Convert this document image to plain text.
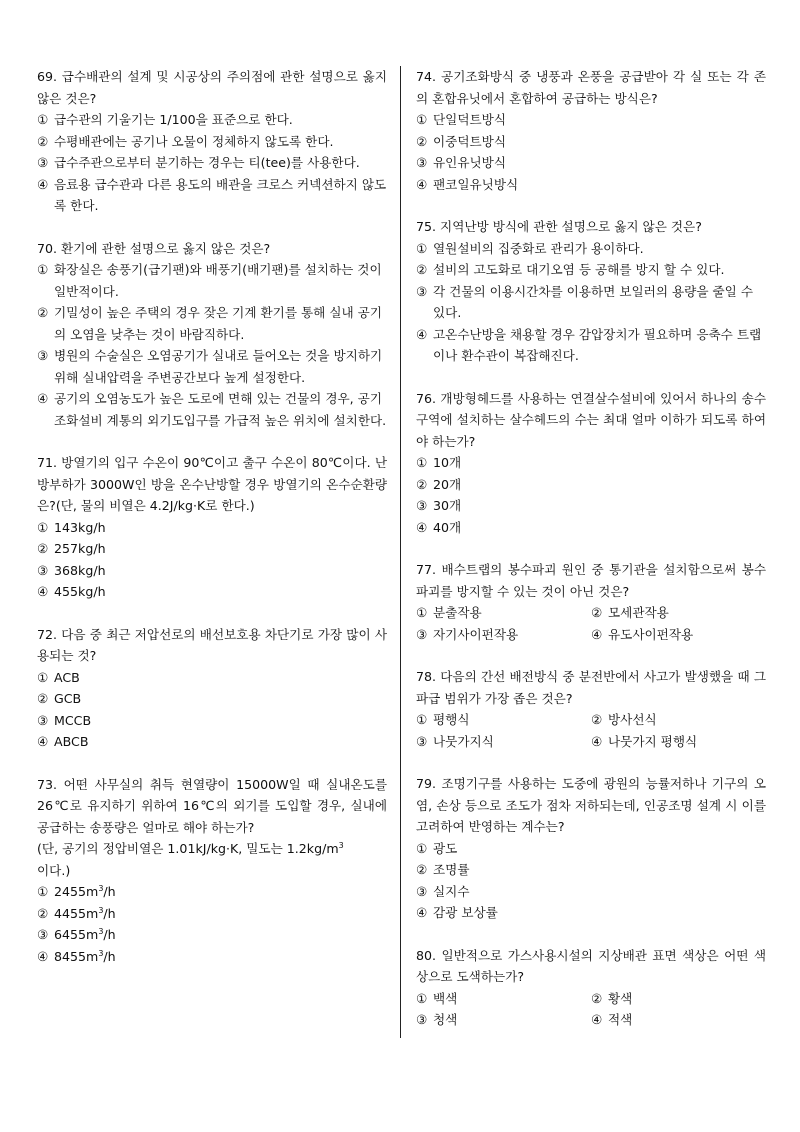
69. 급수배관의 설계 및 시공상의 주의점에 관한 설명으로 옳지 않은 것은?
① 급수관의 기울기는 1/100을 표준으로 한다.
② 수평배관에는 공기나 오물이 정체하지 않도록 한다.
③ 급수주관으로부터 분기하는 경우는 티(tee)를 사용한다.
④ 음료용 급수관과 다른 용도의 배관을 크로스 커넥션하지 않도록 한다.
70. 환기에 관한 설명으로 옳지 않은 것은?
① 화장실은 송풍기(급기팬)와 배풍기(배기팬)를 설치하는 것이 일반적이다.
② 기밀성이 높은 주택의 경우 잦은 기계 환기를 통해 실내 공기의 오염을 낮추는 것이 바람직하다.
③ 병원의 수술실은 오염공기가 실내로 들어오는 것을 방지하기 위해 실내압력을 주변공간보다 높게 설정한다.
④ 공기의 오염농도가 높은 도로에 면해 있는 건물의 경우, 공기조화설비 계통의 외기도입구를 가급적 높은 위치에 설치한다.
71. 방열기의 입구 수온이 90℃이고 출구 수온이 80℃이다. 난방부하가 3000W인 방을 온수난방할 경우 방열기의 온수순환량은?(단, 물의 비열은 4.2J/kg·K로 한다.)
① 143kg/h
② 257kg/h
③ 368kg/h
④ 455kg/h
72. 다음 중 최근 저압선로의 배선보호용 차단기로 가장 많이 사용되는 것?
① ACB
② GCB
③ MCCB
④ ABCB
73. 어떤 사무실의 취득 현열량이 15000W일 때 실내온도를 26℃로 유지하기 위하여 16℃의 외기를 도입할 경우, 실내에 공급하는 송풍량은 얼마로 해야 하는가?
(단, 공기의 정압비열은 1.01kJ/kg·K, 밀도는 $1.2kg/m^3$
이다.)
① $2455m^3/h$
② $4455m^3/h$
③ $6455m^3/h$
④ $8455m^3/h$
74. 공기조화방식 중 냉풍과 온풍을 공급받아 각 실 또는 각 존의 혼합유닛에서 혼합하여 공급하는 방식은?
① 단일덕트방식
② 이중덕트방식
③ 유인유닛방식
④ 팬코일유닛방식
75. 지역난방 방식에 관한 설명으로 옳지 않은 것은?
① 열원설비의 집중화로 관리가 용이하다.
② 설비의 고도화로 대기오염 등 공해를 방지 할 수 있다.
③ 각 건물의 이용시간차를 이용하면 보일러의 용량을 줄일 수 있다.
④ 고온수난방을 채용할 경우 감압장치가 필요하며 응축수 트랩이나 환수관이 복잡해진다.
76. 개방형헤드를 사용하는 연결살수설비에 있어서 하나의 송수구역에 설치하는 살수헤드의 수는 최대 얼마 이하가 되도록 하여야 하는가?
① 10개
② 20개
③ 30개
④ 40개
77. 배수트랩의 봉수파괴 원인 중 통기관을 설치함으로써 봉수파괴를 방지할 수 있는 것이 아닌 것은?
① 분출작용	② 모세관작용
③ 자기사이펀작용	④ 유도사이펀작용
78. 다음의 간선 배전방식 중 분전반에서 사고가 발생했을 때 그 파급 범위가 가장 좁은 것은?
① 평행식	② 방사선식
③ 나뭇가지식	④ 나뭇가지 평행식
79. 조명기구를 사용하는 도중에 광원의 능률저하나 기구의 오염, 손상 등으로 조도가 점차 저하되는데, 인공조명 설계 시 이를 고려하여 반영하는 계수는?
① 광도
② 조명률
③ 실지수
④ 감광 보상률
80. 일반적으로 가스사용시설의 지상배관 표면 색상은 어떤 색상으로 도색하는가?
① 백색	② 황색
③ 청색	④ 적색
